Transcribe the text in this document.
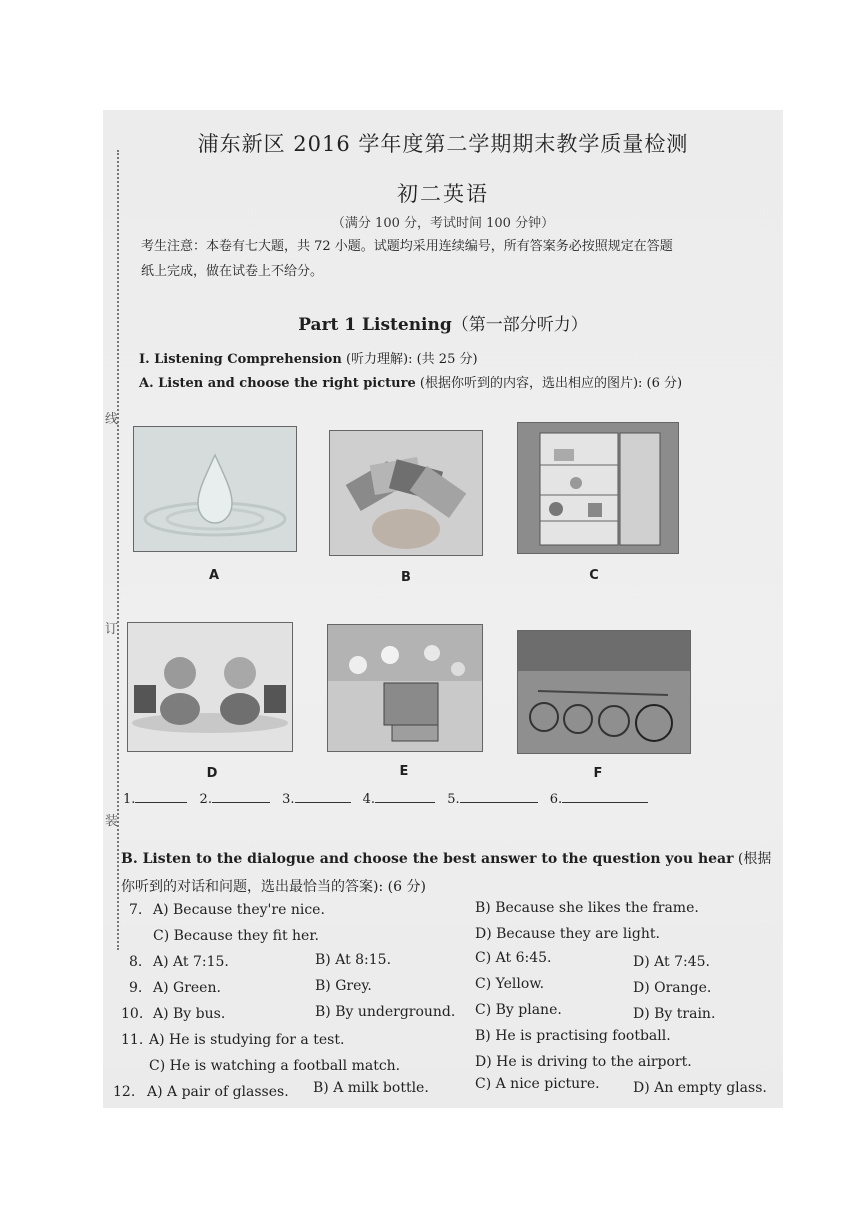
线
订
装
浦东新区 2016 学年度第二学期期末教学质量检测
初二英语
（满分 100 分，考试时间 100 分钟）
考生注意：本卷有七大题，共 72 小题。试题均采用连续编号，所有答案务必按照规定在答题
纸上完成，做在试卷上不给分。
Part 1 Listening（第一部分听力）
I. Listening Comprehension (听力理解): (共 25 分)
A. Listen and choose the right picture (根据你听到的内容，选出相应的图片): (6 分)
A	B	C
D	E	F
1.	2.	3.	4.	5.	6.
B. Listen to the dialogue and choose the best answer to the question you hear (根据你听到的对话和问题，选出最恰当的答案): (6 分)
7. A) Because they're nice.	B) Because she likes the frame.
C) Because they fit her.	D) Because they are light.
8. A) At 7:15.	B) At 8:15.	C) At 6:45.	D) At 7:45.
9. A) Green.	B) Grey.	C) Yellow.	D) Orange.
10. A) By bus.	B) By underground. C) By plane.	D) By train.
11. A) He is studying for a test.	B) He is practising football.
C) He is watching a football match.	D) He is driving to the airport.
12. A) A pair of glasses. B) A milk bottle.	C) A nice picture. D) An empty glass.
